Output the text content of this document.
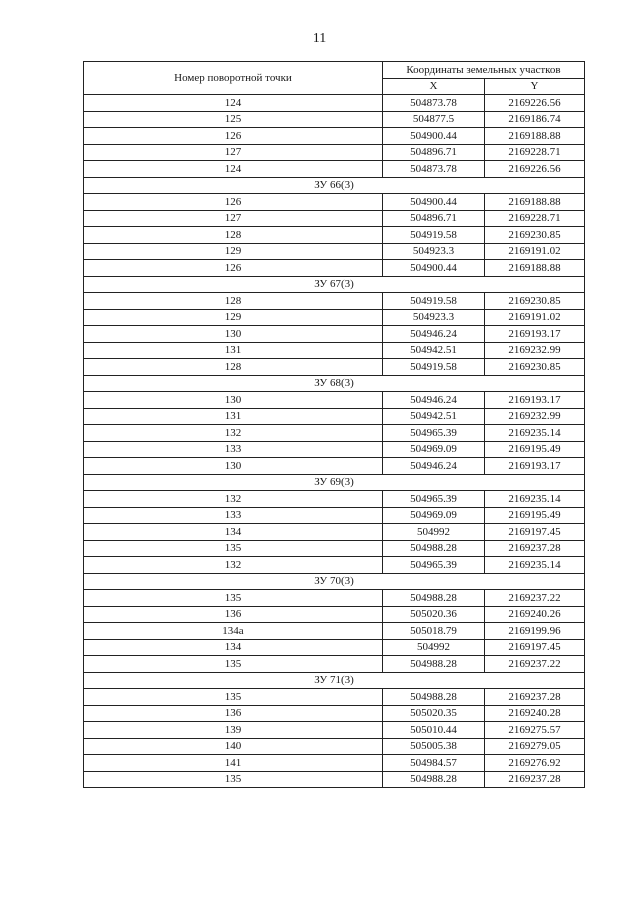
11
Номер поворотной точки	Координаты земельных участков	
	X	Y
124	504873.78	2169226.56
125	504877.5	2169186.74
126	504900.44	2169188.88
127	504896.71	2169228.71
124	504873.78	2169226.56
ЗУ 66(3)		
126	504900.44	2169188.88
127	504896.71	2169228.71
128	504919.58	2169230.85
129	504923.3	2169191.02
126	504900.44	2169188.88
ЗУ 67(3)		
128	504919.58	2169230.85
129	504923.3	2169191.02
130	504946.24	2169193.17
131	504942.51	2169232.99
128	504919.58	2169230.85
ЗУ 68(3)		
130	504946.24	2169193.17
131	504942.51	2169232.99
132	504965.39	2169235.14
133	504969.09	2169195.49
130	504946.24	2169193.17
ЗУ 69(3)		
132	504965.39	2169235.14
133	504969.09	2169195.49
134	504992	2169197.45
135	504988.28	2169237.28
132	504965.39	2169235.14
ЗУ 70(3)		
135	504988.28	2169237.22
136	505020.36	2169240.26
134а	505018.79	2169199.96
134	504992	2169197.45
135	504988.28	2169237.22
ЗУ 71(3)		
135	504988.28	2169237.28
136	505020.35	2169240.28
139	505010.44	2169275.57
140	505005.38	2169279.05
141	504984.57	2169276.92
135	504988.28	2169237.28
